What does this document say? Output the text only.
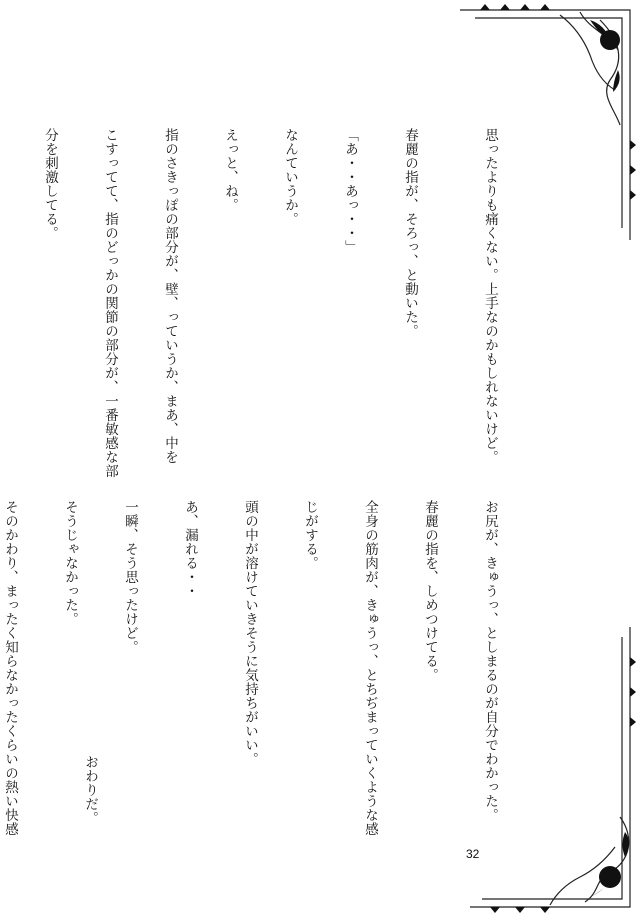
思ったよりも痛くない。上手なのかもしれないけど。

春麗の指が、そろっ、と動いた。

「あ・・あっ・・」

なんていうか。

えっと、ね。

指のさきっぽの部分が、壁、っていうか、まあ、中を

こすってて、指のどっかの関節の部分が、一番敏感な部

分を刺激してる。

お尻が、きゅうっ、としまるのが自分でわかった。

春麗の指を、しめつけてる。

全身の筋肉が、きゅうっ、とちぢまっていくような感

じがする。

頭の中が溶けていきそうに気持ちがいい。

あ、漏れる・・

一瞬、そう思ったけど。

そうじゃなかった。

そのかわり、まったく知らなかったくらいの熱い快感

	おわりだ。
32
